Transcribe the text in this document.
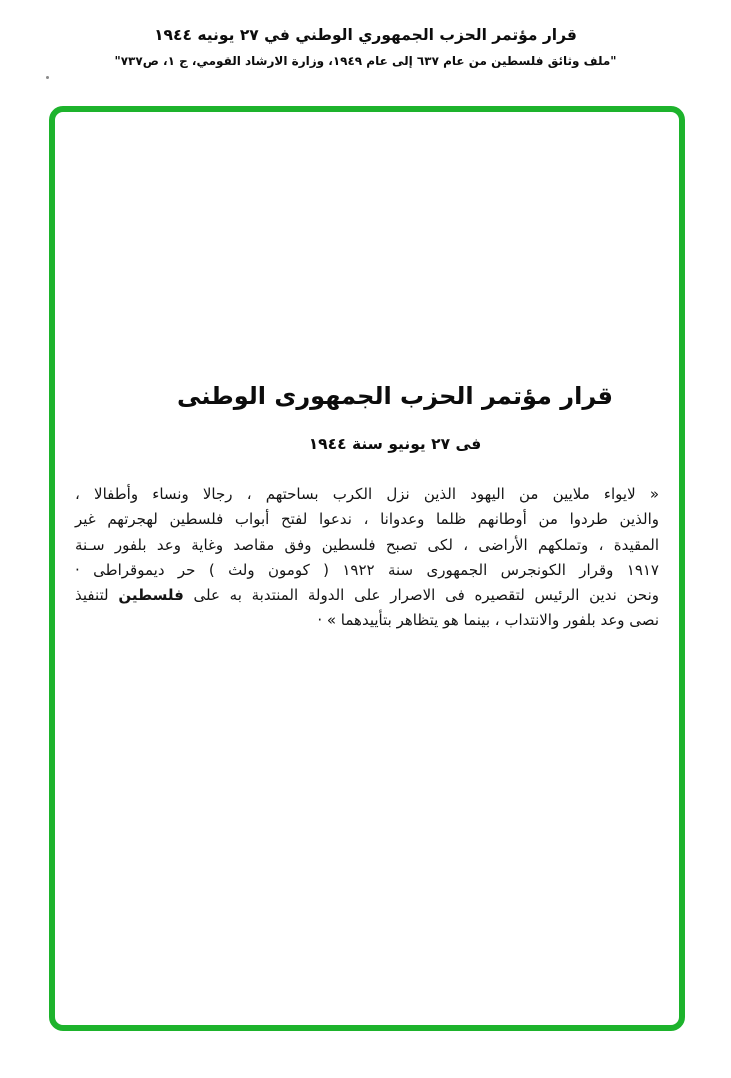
قرار مؤتمر الحزب الجمهوري الوطني في ٢٧ يونيه ١٩٤٤
"ملف وثائق فلسطين من عام ٦٣٧ إلى عام ١٩٤٩، وزارة الارشاد القومي، ج ١، ص٧٣٧"
قرار مؤتمر الحزب الجمهورى الوطنى
فى ٢٧ يونيو سنة ١٩٤٤
« لايواء ملايين من اليهود الذين نزل الكرب بساحتهم ، رجالا ونساء وأطفالا ،
والذين طردوا من أوطانهم ظلما وعدوانا ، ندعوا لفتح أبواب فلسطين لهجرتهم غير
المقيدة ، وتملكهم الأراضى ، لكى تصبح فلسطين وفق مقاصد وغاية وعد بلفور سـنة
١٩١٧ وقرار الكونجرس الجمهورى سنة ١٩٢٢ ( كومون ولث ) حر ديموقراطى ·
ونحن ندين الرئيس لتقصيره فى الاصرار على الدولة المنتدبة به على فلسطين لتنفيذ
نصى وعد بلفور والانتداب ، بينما هو يتظاهر بتأييدهما » ·
